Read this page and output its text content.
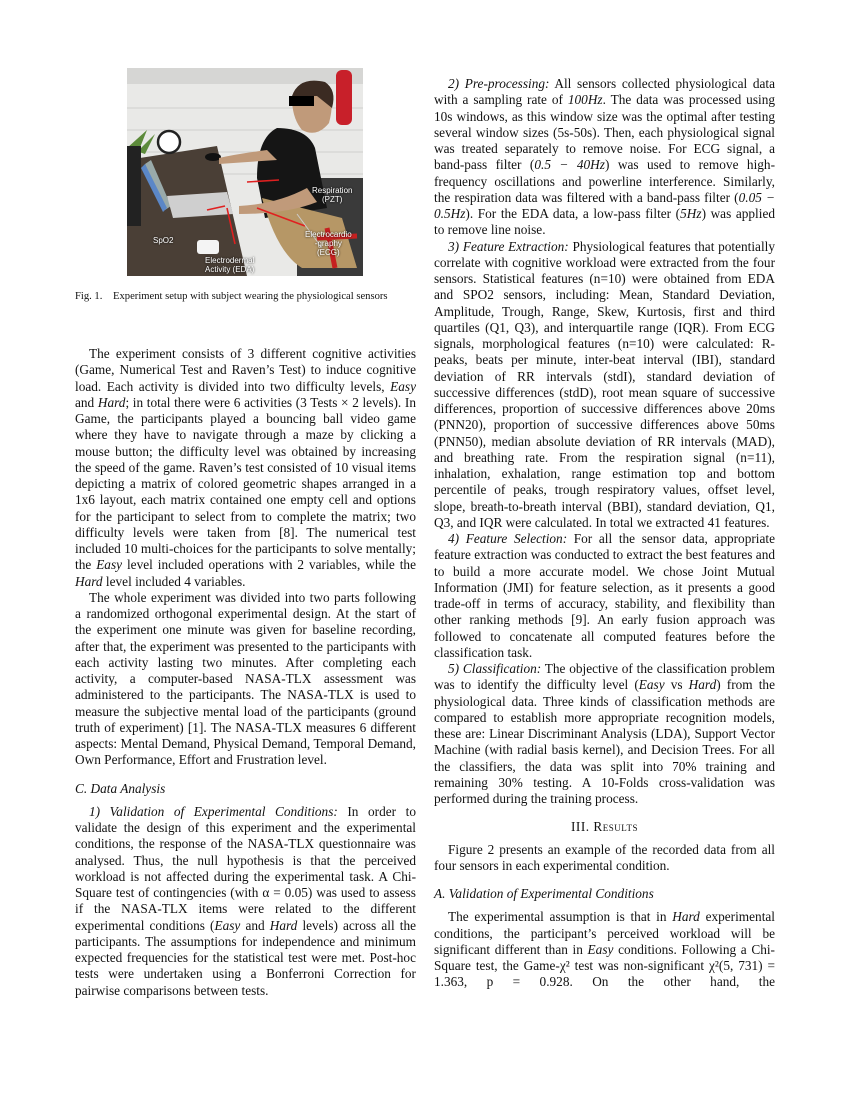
Respiration
(PZT)
SpO2
Electrocardio
-graphy
(ECG)
Electrodermal
Activity (EDA)
Fig. 1. Experiment setup with subject wearing the physiological sensors

The experiment consists of 3 different cognitive activities (Game, Numerical Test and Raven’s Test) to induce cognitive load. Each activity is divided into two difficulty levels, Easy and Hard; in total there were 6 activities (3 Tests × 2 levels). In Game, the participants played a bouncing ball video game where they have to navigate through a maze by clicking a mouse button; the difficulty level was obtained by increasing the speed of the game. Raven’s test consisted of 10 visual items depicting a matrix of colored geometric shapes arranged in a 1x6 layout, each matrix contained one empty cell and options for the participant to select from to complete the matrix; two difficulty levels were taken from [8]. The numerical test included 10 multi-choices for the participants to solve mentally; the Easy level included operations with 2 variables, while the Hard level included 4 variables.

The whole experiment was divided into two parts following a randomized orthogonal experimental design. At the start of the experiment one minute was given for baseline recording, after that, the experiment was presented to the participants with each activity lasting two minutes. After completing each activity, a computer-based NASA-TLX assessment was administered to the participants. The NASA-TLX is used to measure the subjective mental load of the participants (ground truth of experiment) [1]. The NASA-TLX measures 6 different aspects: Mental Demand, Physical Demand, Temporal Demand, Own Performance, Effort and Frustration level.

C. Data Analysis

1) Validation of Experimental Conditions: In order to validate the design of this experiment and the experimental conditions, the response of the NASA-TLX questionnaire was analysed. Thus, the null hypothesis is that the perceived workload is not affected during the experimental task. A Chi-Square test of contingencies (with α = 0.05) was used to assess if the NASA-TLX items were related to the different experimental conditions (Easy and Hard levels) across all the participants. The assumptions for independence and minimum expected frequencies for the statistical test were met. Post-hoc tests were undertaken using a Bonferroni Correction for pairwise comparisons between tests.

2) Pre-processing: All sensors collected physiological data with a sampling rate of 100Hz. The data was processed using 10s windows, as this window size was the optimal after testing several window sizes (5s-50s). Then, each physiological signal was treated separately to remove noise. For ECG signal, a band-pass filter (0.5 − 40Hz) was used to remove high-frequency oscillations and powerline interference. Similarly, the respiration data was filtered with a band-pass filter (0.05 − 0.5Hz). For the EDA data, a low-pass filter (5Hz) was applied to remove line noise.

3) Feature Extraction: Physiological features that potentially correlate with cognitive workload were extracted from the four sensors. Statistical features (n=10) were obtained from EDA and SPO2 sensors, including: Mean, Standard Deviation, Amplitude, Trough, Range, Skew, Kurtosis, first and third quartiles (Q1, Q3), and interquartile range (IQR). From ECG signals, morphological features (n=10) were calculated: R-peaks, beats per minute, inter-beat interval (IBI), standard deviation of RR intervals (stdI), standard deviation of successive differences (stdD), root mean square of successive differences, proportion of successive differences above 20ms (PNN20), proportion of successive differences above 50ms (PNN50), median absolute deviation of RR intervals (MAD), and breathing rate. From the respiration signal (n=11), inhalation, exhalation, range estimation top and bottom percentile of peaks, trough respiratory values, offset level, slope, breath-to-breath interval (BBI), standard deviation, Q1, Q3, and IQR were calculated. In total we extracted 41 features.

4) Feature Selection: For all the sensor data, appropriate feature extraction was conducted to extract the best features and to build a more accurate model. We chose Joint Mutual Information (JMI) for feature selection, as it presents a good trade-off in terms of accuracy, stability, and flexibility than other ranking methods [9]. An early fusion approach was followed to concatenate all computed features before the classification task.

5) Classification: The objective of the classification problem was to identify the difficulty level (Easy vs Hard) from the physiological data. Three kinds of classification methods are compared to establish more appropriate recognition models, these are: Linear Discriminant Analysis (LDA), Support Vector Machine (with radial basis kernel), and Decision Trees. For all the classifiers, the data was split into 70% training and remaining 30% testing. A 10-Folds cross-validation was performed during the training process.

III. Results

Figure 2 presents an example of the recorded data from all four sensors in each experimental condition.

A. Validation of Experimental Conditions

The experimental assumption is that in Hard experimental conditions, the participant’s perceived workload will be significant different than in Easy conditions. Following a Chi-Square test, the Game-χ² test was non-significant χ²(5, 731) = 1.363, p = 0.928. On the other hand, the
